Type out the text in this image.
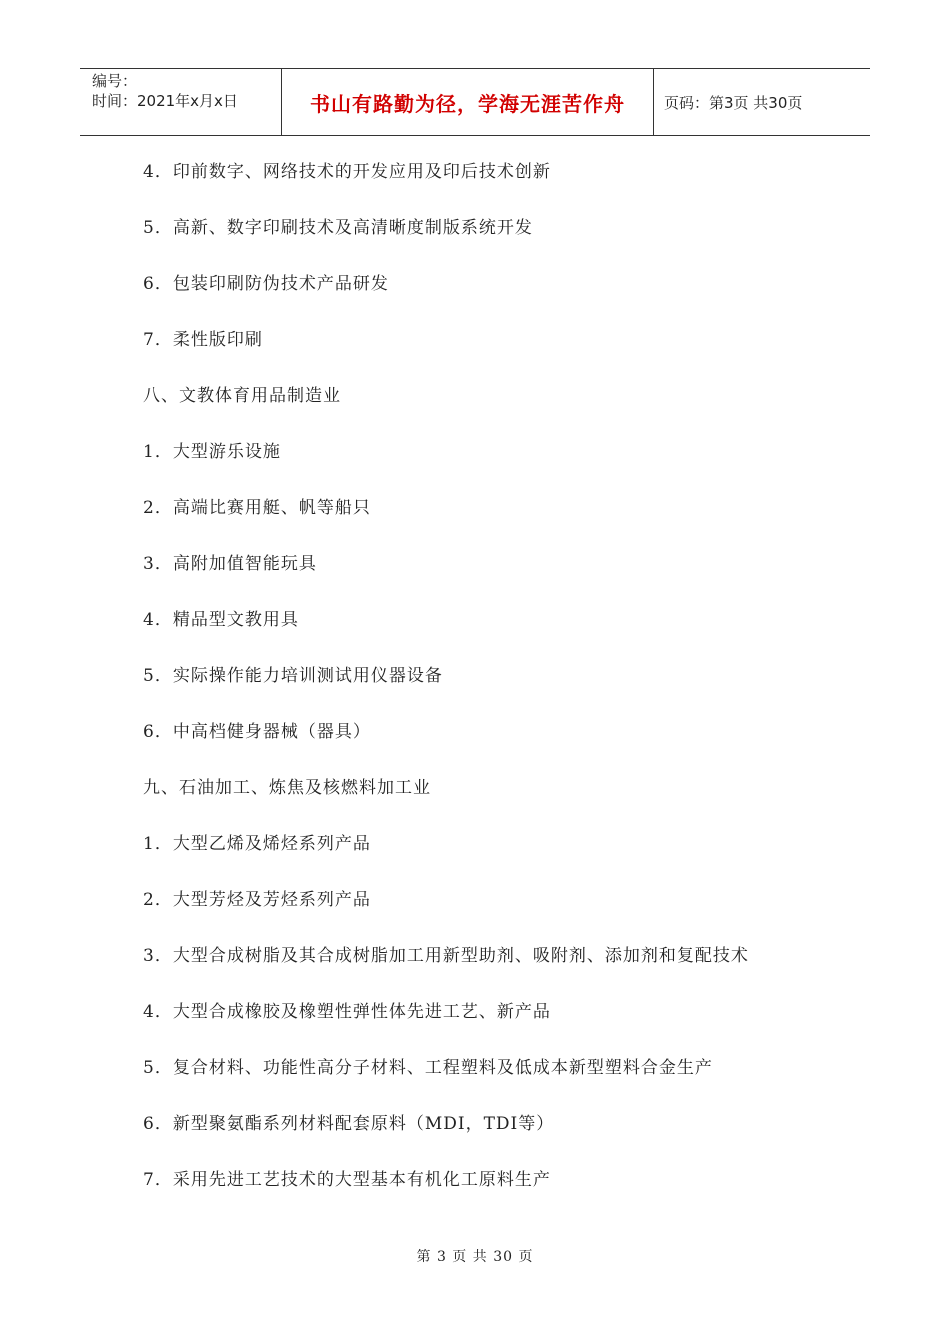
编号：
时间：2021年x月x日	书山有路勤为径，学海无涯苦作舟	页码：第3页 共30页
4．印前数字、网络技术的开发应用及印后技术创新
5．高新、数字印刷技术及高清晰度制版系统开发
6．包装印刷防伪技术产品研发
7．柔性版印刷
八、文教体育用品制造业
1．大型游乐设施
2．高端比赛用艇、帆等船只
3．高附加值智能玩具
4．精品型文教用具
5．实际操作能力培训测试用仪器设备
6．中高档健身器械（器具）
九、石油加工、炼焦及核燃料加工业
1．大型乙烯及烯烃系列产品
2．大型芳烃及芳烃系列产品
3．大型合成树脂及其合成树脂加工用新型助剂、吸附剂、添加剂和复配技术
4．大型合成橡胶及橡塑性弹性体先进工艺、新产品
5．复合材料、功能性高分子材料、工程塑料及低成本新型塑料合金生产
6．新型聚氨酯系列材料配套原料（MDI，TDI等）
7．采用先进工艺技术的大型基本有机化工原料生产
第 3 页 共 30 页
